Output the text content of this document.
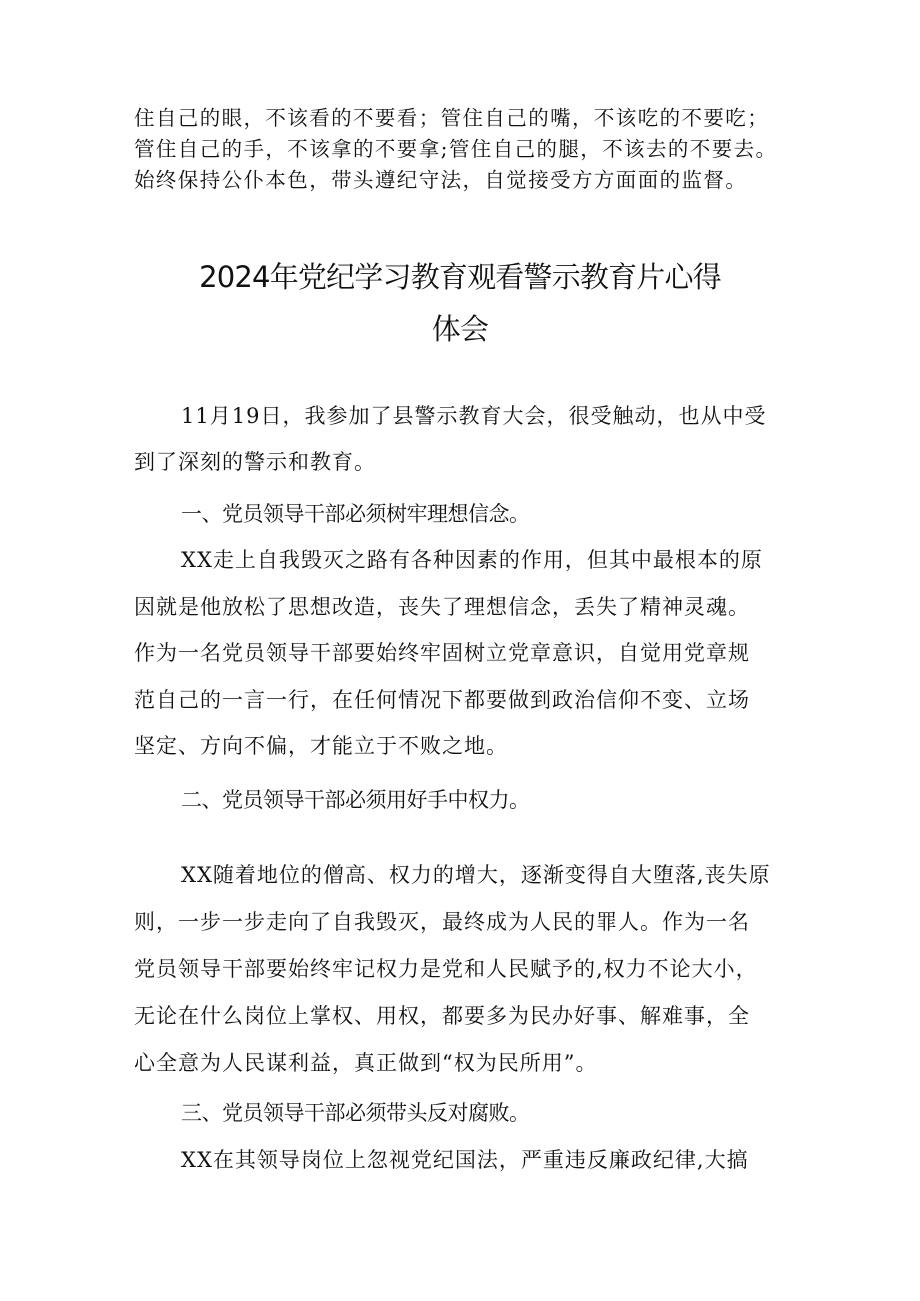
住自己的眼，不该看的不要看；管住自己的嘴，不该吃的不要吃；
管住自己的手，不该拿的不要拿;管住自己的腿，不该去的不要去。
始终保持公仆本色，带头遵纪守法，自觉接受方方面面的监督。
2024年党纪学习教育观看警示教育片心得
体会
11月19日，我参加了县警示教育大会，很受触动，也从中受
到了深刻的警示和教育。
一、党员领导干部必须树牢理想信念。
XX走上自我毁灭之路有各种因素的作用，但其中最根本的原
因就是他放松了思想改造，丧失了理想信念，丢失了精神灵魂。
作为一名党员领导干部要始终牢固树立党章意识，自觉用党章规
范自己的一言一行，在任何情况下都要做到政治信仰不变、立场
坚定、方向不偏，才能立于不败之地。
二、党员领导干部必须用好手中权力。
XX随着地位的僧高、权力的增大，逐渐变得自大堕落,丧失原
则，一步一步走向了自我毁灭，最终成为人民的罪人。作为一名
党员领导干部要始终牢记权力是党和人民赋予的,权力不论大小，
无论在什么岗位上掌权、用权，都要多为民办好事、解难事，全
心全意为人民谋利益，真正做到“权为民所用”。
三、党员领导干部必须带头反对腐败。
XX在其领导岗位上忽视党纪国法，严重违反廉政纪律,大搞
